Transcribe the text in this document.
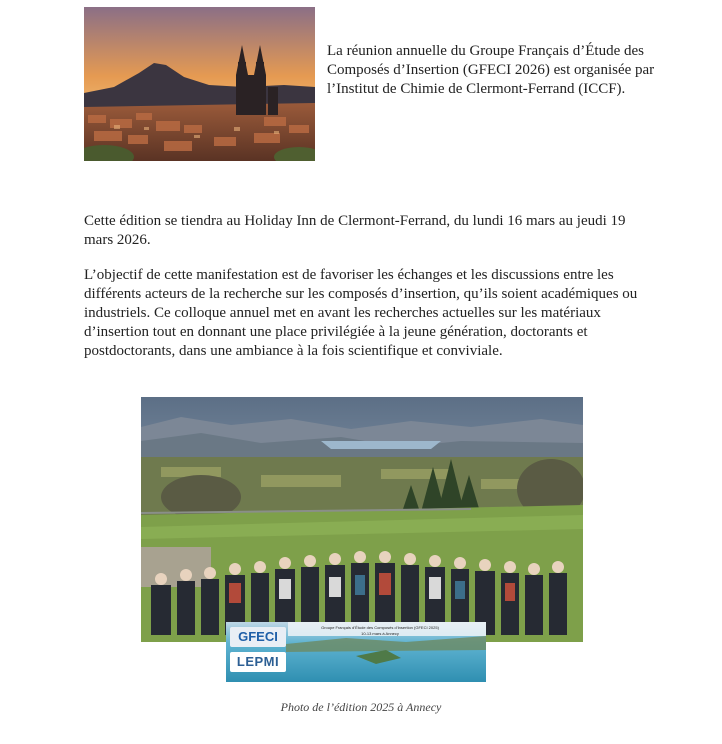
La réunion annuelle du Groupe Français d’Étude des Composés d’Insertion (GFECI 2026) est organisée par l’Institut de Chimie de Clermont-Ferrand (ICCF).

Cette édition se tiendra au Holiday Inn de Clermont-Ferrand, du lundi 16 mars au jeudi 19 mars 2026.

L’objectif de cette manifestation est de favoriser les échanges et les discussions entre les différents acteurs de la recherche sur les composés d’insertion, qu’ils soient académiques ou industriels. Ce colloque annuel met en avant les recherches actuelles sur les matériaux d’insertion tout en donnant une place privilégiée à la jeune génération, doctorants et postdoctorants, dans une ambiance à la fois scientifique et conviviale.

Groupe Français d’Étude des Composés d’Insertion (GFECI 2025)
10-13 mars à Annecy
GFECI
LEPMI

Photo de l’édition 2025 à Annecy
